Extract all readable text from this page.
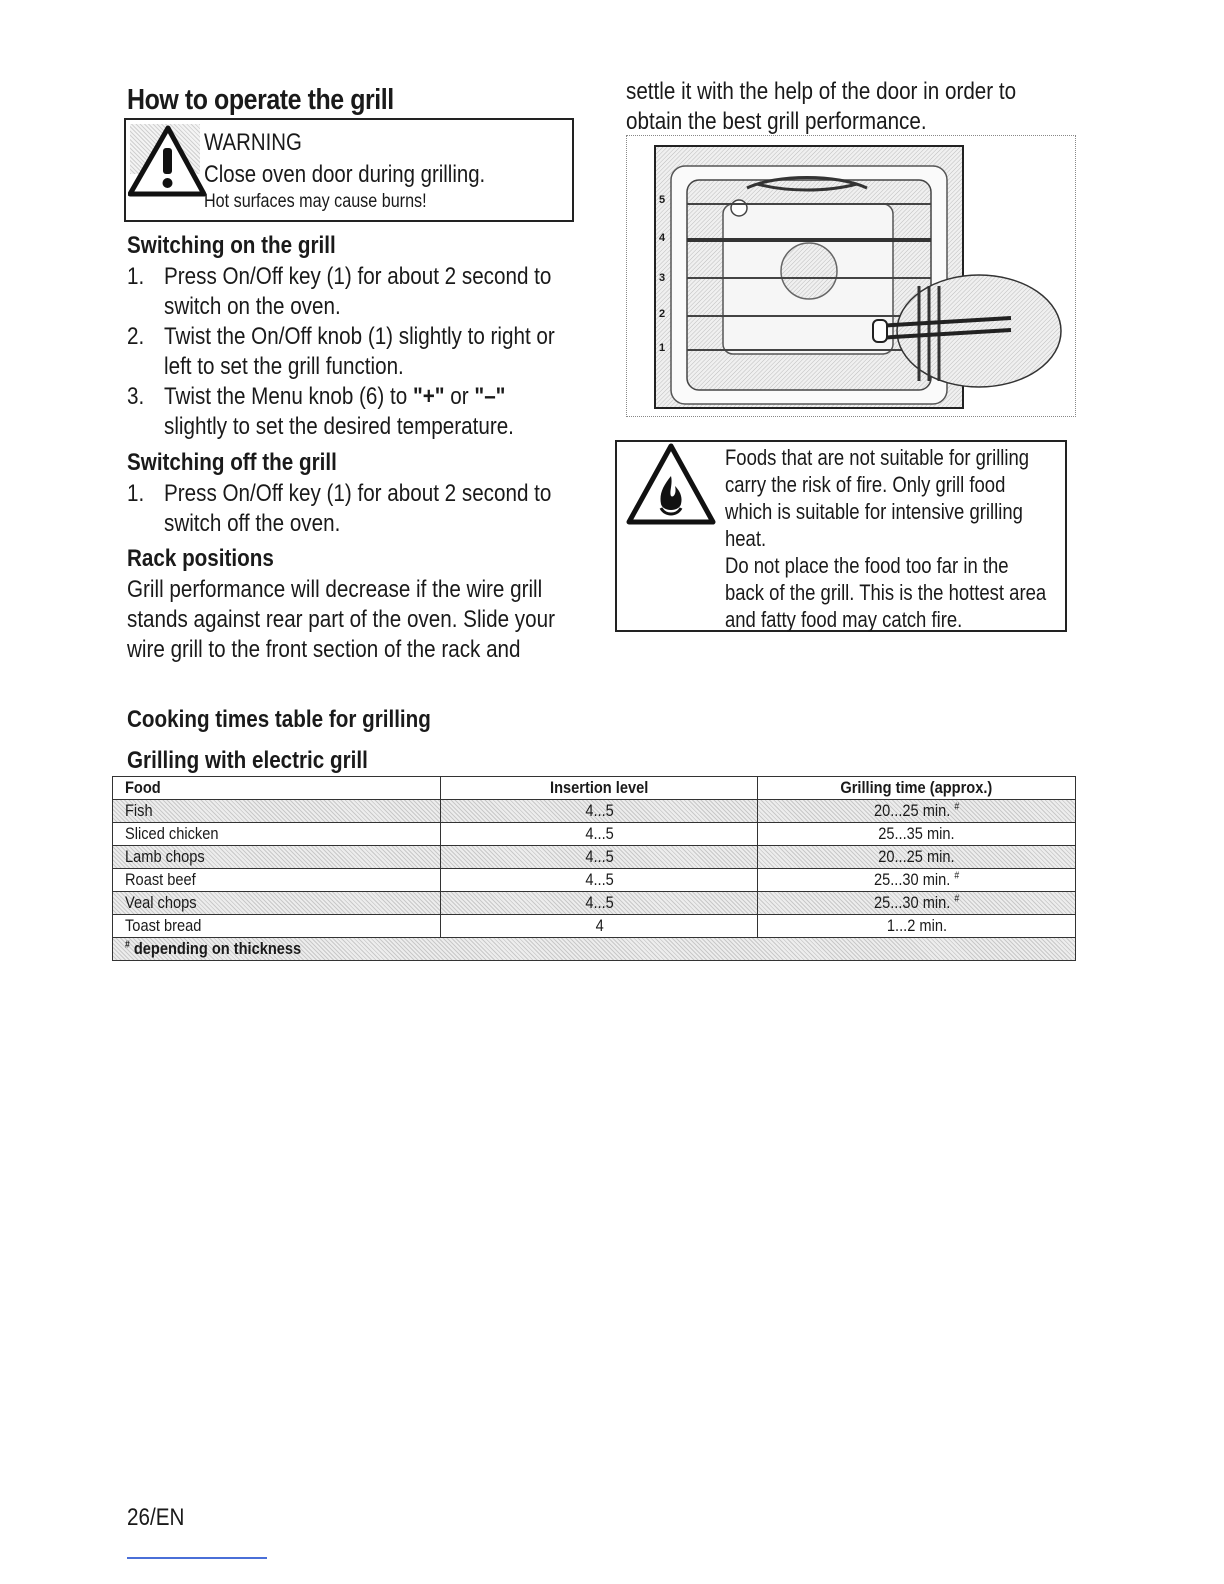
How to operate the grill
WARNING
Close oven door during grilling.
Hot surfaces may cause burns!
Switching on the grill
1. Press On/Off key (1) for about 2 second to
switch on the oven.
2. Twist the On/Off knob (1) slightly to right or
left to set the grill function.
3. Twist the Menu knob (6) to "+" or "–"
slightly to set the desired temperature.
Switching off the grill
1. Press On/Off key (1) for about 2 second to
switch off the oven.
Rack positions
Grill performance will decrease if the wire grill
stands against rear part of the oven. Slide your
wire grill to the front section of the rack and
settle it with the help of the door in order to
obtain the best grill performance.
5
4
3
2
1
Foods that are not suitable for grilling
carry the risk of fire. Only grill food
which is suitable for intensive grilling
heat.
Do not place the food too far in the
back of the grill. This is the hottest area
and fatty food may catch fire.
Cooking times table for grilling
Grilling with electric grill
Food	Insertion level	Grilling time (approx.)
Fish	4...5	20...25 min. #
Sliced chicken	4...5	25...35 min.
Lamb chops	4...5	20...25 min.
Roast beef	4...5	25...30 min. #
Veal chops	4...5	25...30 min. #
Toast bread	4	1...2 min.
# depending on thickness		
26/EN
